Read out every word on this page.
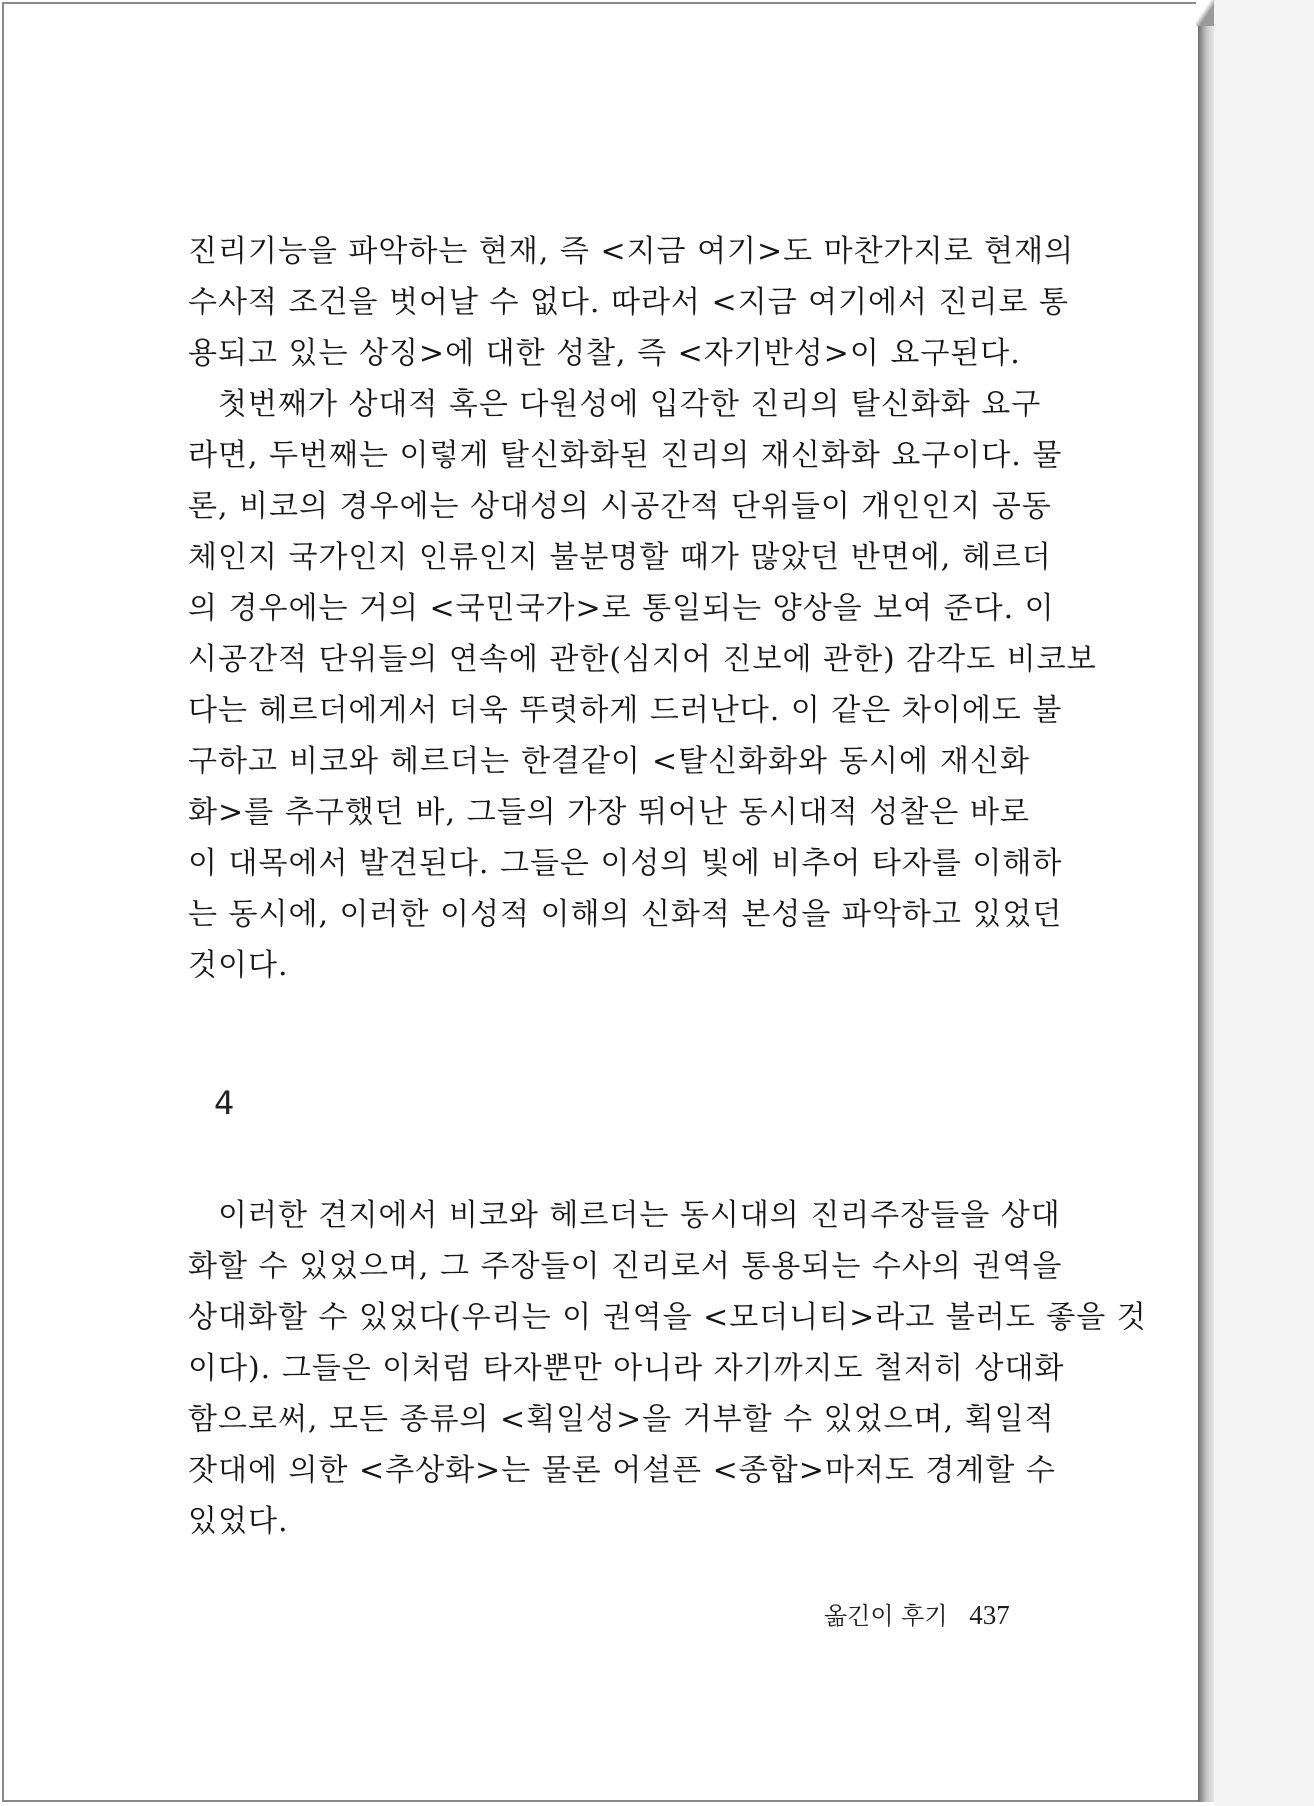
진리기능을 파악하는 현재, 즉 <지금 여기>도 마찬가지로 현재의
수사적 조건을 벗어날 수 없다. 따라서 <지금 여기에서 진리로 통
용되고 있는 상징>에 대한 성찰, 즉 <자기반성>이 요구된다.
첫번째가 상대적 혹은 다원성에 입각한 진리의 탈신화화 요구
라면, 두번째는 이렇게 탈신화화된 진리의 재신화화 요구이다. 물
론, 비코의 경우에는 상대성의 시공간적 단위들이 개인인지 공동
체인지 국가인지 인류인지 불분명할 때가 많았던 반면에, 헤르더
의 경우에는 거의 <국민국가>로 통일되는 양상을 보여 준다. 이
시공간적 단위들의 연속에 관한(심지어 진보에 관한) 감각도 비코보
다는 헤르더에게서 더욱 뚜렷하게 드러난다. 이 같은 차이에도 불
구하고 비코와 헤르더는 한결같이 <탈신화화와 동시에 재신화
화>를 추구했던 바, 그들의 가장 뛰어난 동시대적 성찰은 바로
이 대목에서 발견된다. 그들은 이성의 빛에 비추어 타자를 이해하
는 동시에, 이러한 이성적 이해의 신화적 본성을 파악하고 있었던
것이다.
4
이러한 견지에서 비코와 헤르더는 동시대의 진리주장들을 상대
화할 수 있었으며, 그 주장들이 진리로서 통용되는 수사의 권역을
상대화할 수 있었다(우리는 이 권역을 <모더니티>라고 불러도 좋을 것
이다). 그들은 이처럼 타자뿐만 아니라 자기까지도 철저히 상대화
함으로써, 모든 종류의 <획일성>을 거부할 수 있었으며, 획일적
잣대에 의한 <추상화>는 물론 어설픈 <종합>마저도 경계할 수
있었다.
옮긴이 후기 437
